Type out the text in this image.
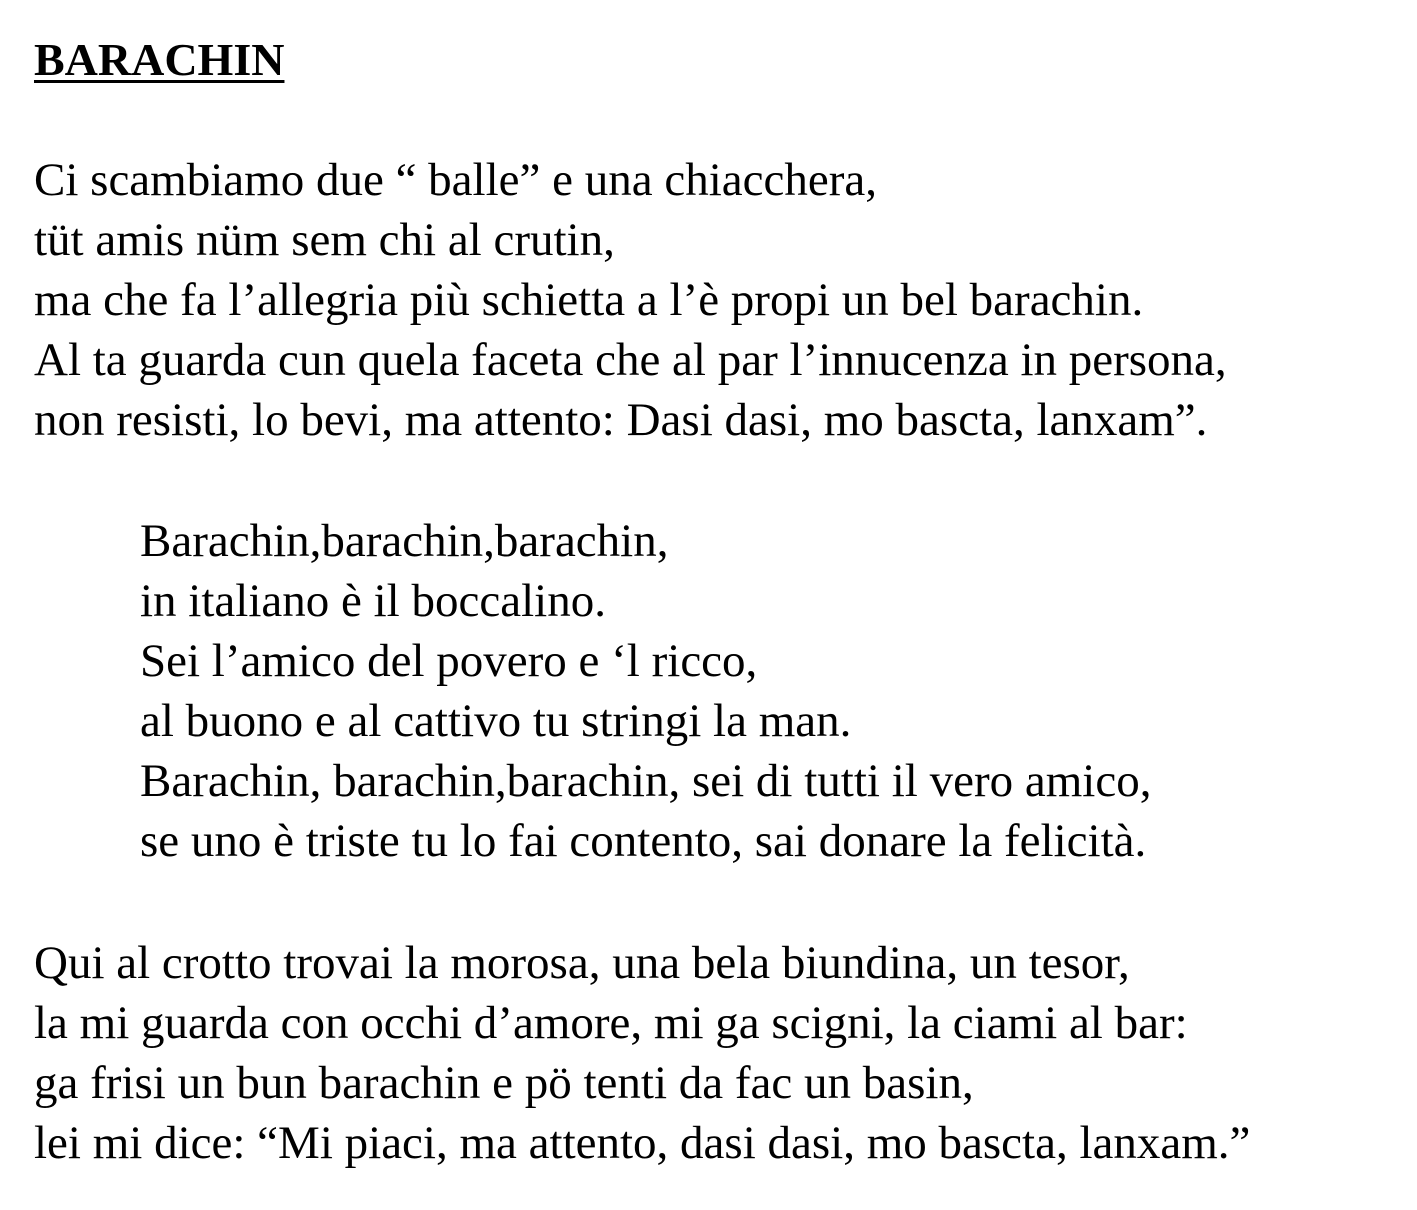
BARACHIN
Ci scambiamo due “ balle” e una chiacchera,
tüt amis nüm sem chi al crutin,
ma che fa l’allegria più schietta a l’è propi un bel barachin.
Al ta guarda cun quela faceta che al par l’innucenza in persona,
non resisti, lo bevi, ma attento: Dasi dasi, mo bascta, lanxam”.
Barachin,barachin,barachin,
in italiano è il boccalino.
Sei l’amico del povero e ‘l ricco,
al buono e al cattivo tu stringi la man.
Barachin, barachin,barachin, sei di tutti il vero amico,
se uno è triste tu lo fai contento, sai donare la felicità.
Qui al crotto trovai la morosa, una bela biundina, un tesor,
la mi guarda con occhi d’amore, mi ga scigni, la ciami al bar:
ga frisi un bun barachin e pö tenti da fac un basin,
lei mi dice: “Mi piaci, ma attento, dasi dasi, mo bascta, lanxam.”
